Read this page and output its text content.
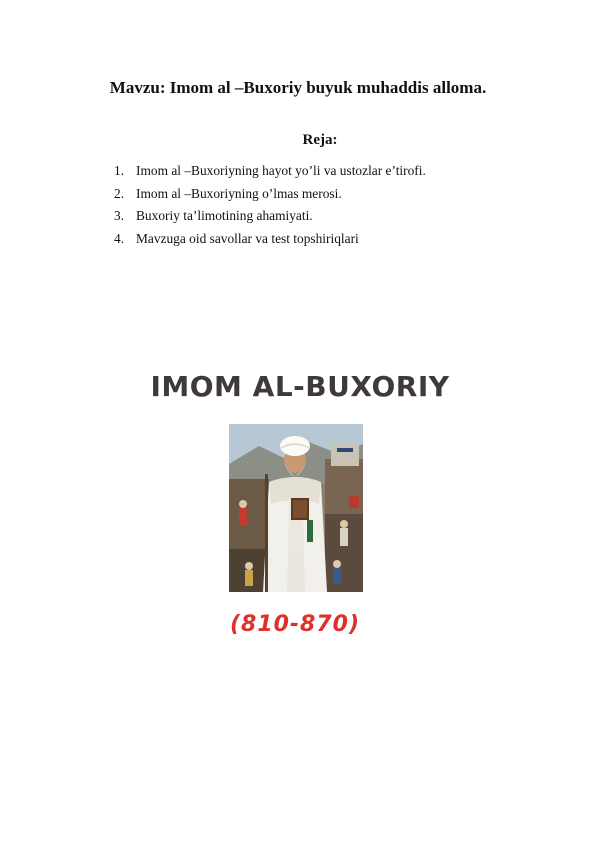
Mavzu: Imom al –Buxoriy buyuk muhaddis alloma.
Reja:
1. Imom al –Buxoriyning hayot yo’li va ustozlar e’tirofi.
2. Imom al –Buxoriyning o’lmas merosi.
3. Buxoriy ta’limotining ahamiyati.
4. Mavzuga oid savollar va test topshiriqlari
IMOM AL-BUXORIY
(810-870)
